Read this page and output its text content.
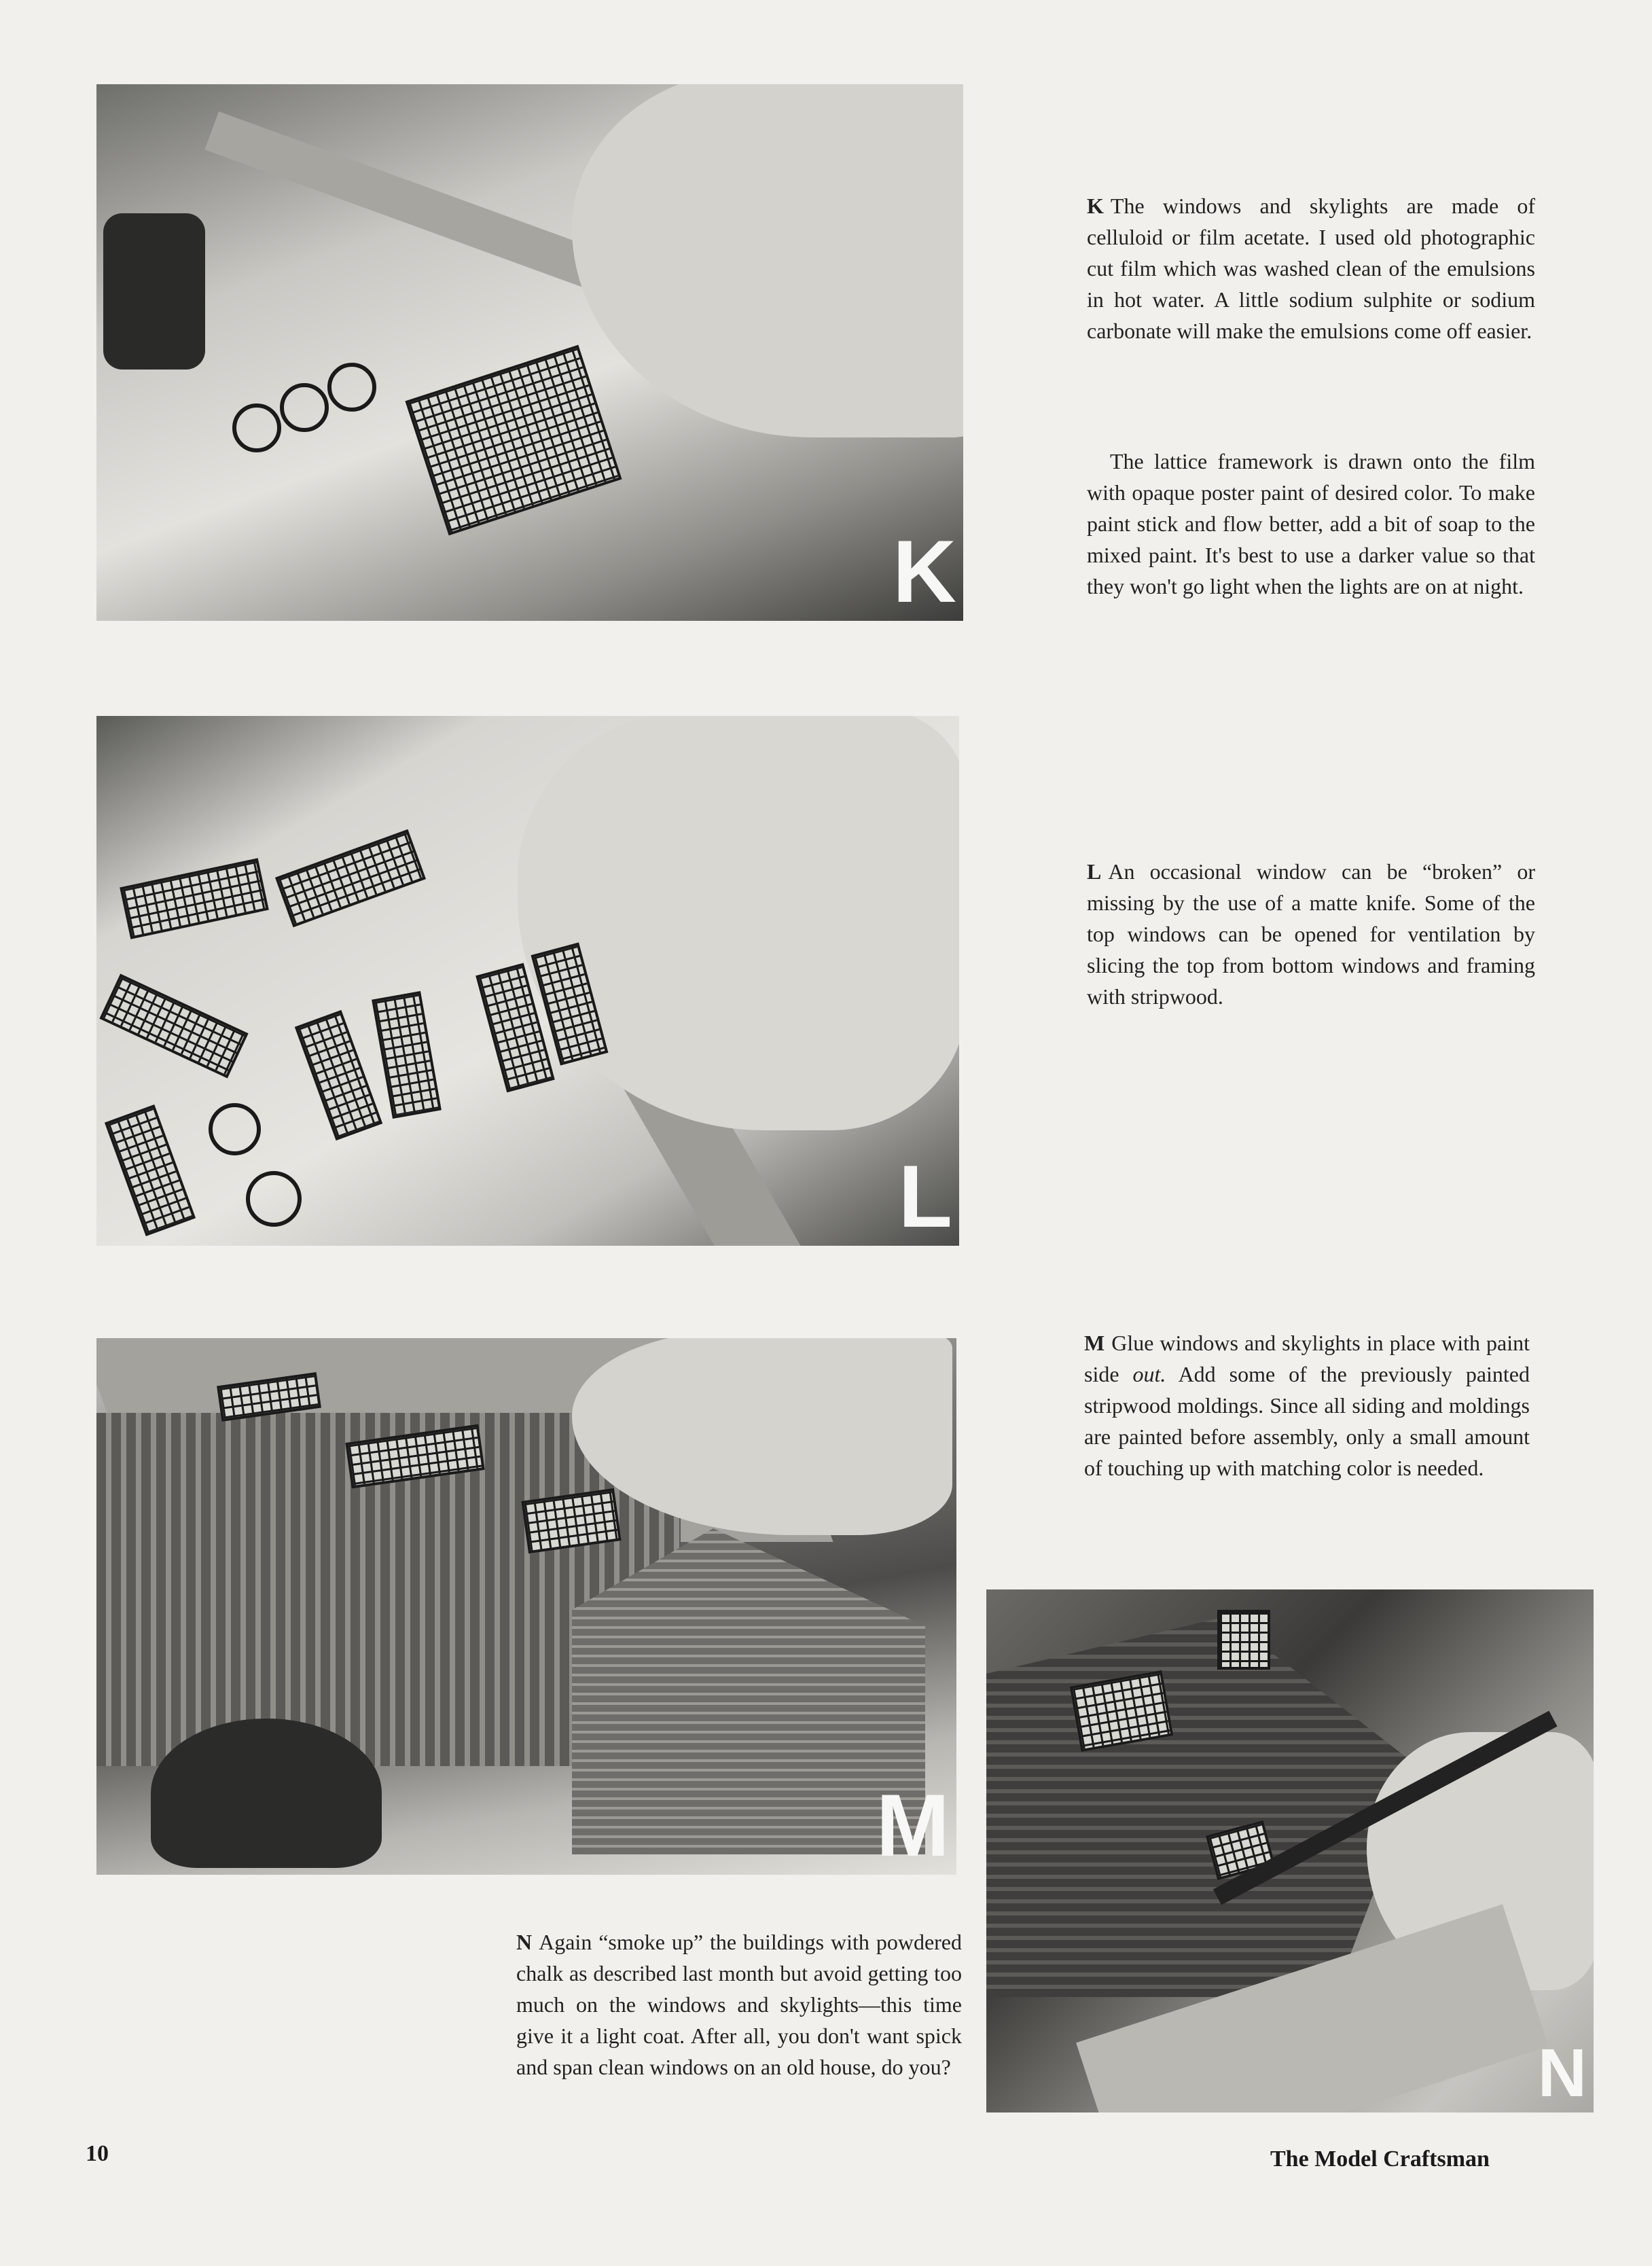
K
L
M
N

K The windows and skylights are made of celluloid or film acetate. I used old photographic cut film which was washed clean of the emulsions in hot water. A little sodium sulphite or sodium carbonate will make the emulsions come off easier.

The lattice framework is drawn onto the film with opaque poster paint of desired color. To make paint stick and flow better, add a bit of soap to the mixed paint. It's best to use a darker value so that they won't go light when the lights are on at night.

L An occasional window can be “broken” or missing by the use of a matte knife. Some of the top windows can be opened for ventilation by slicing the top from bottom windows and framing with stripwood.

M Glue windows and skylights in place with paint side out. Add some of the previously painted stripwood moldings. Since all siding and moldings are painted before assembly, only a small amount of touching up with matching color is needed.

N Again “smoke up” the buildings with powdered chalk as described last month but avoid getting too much on the windows and skylights—this time give it a light coat. After all, you don't want spick and span clean windows on an old house, do you?

10	The Model Craftsman
